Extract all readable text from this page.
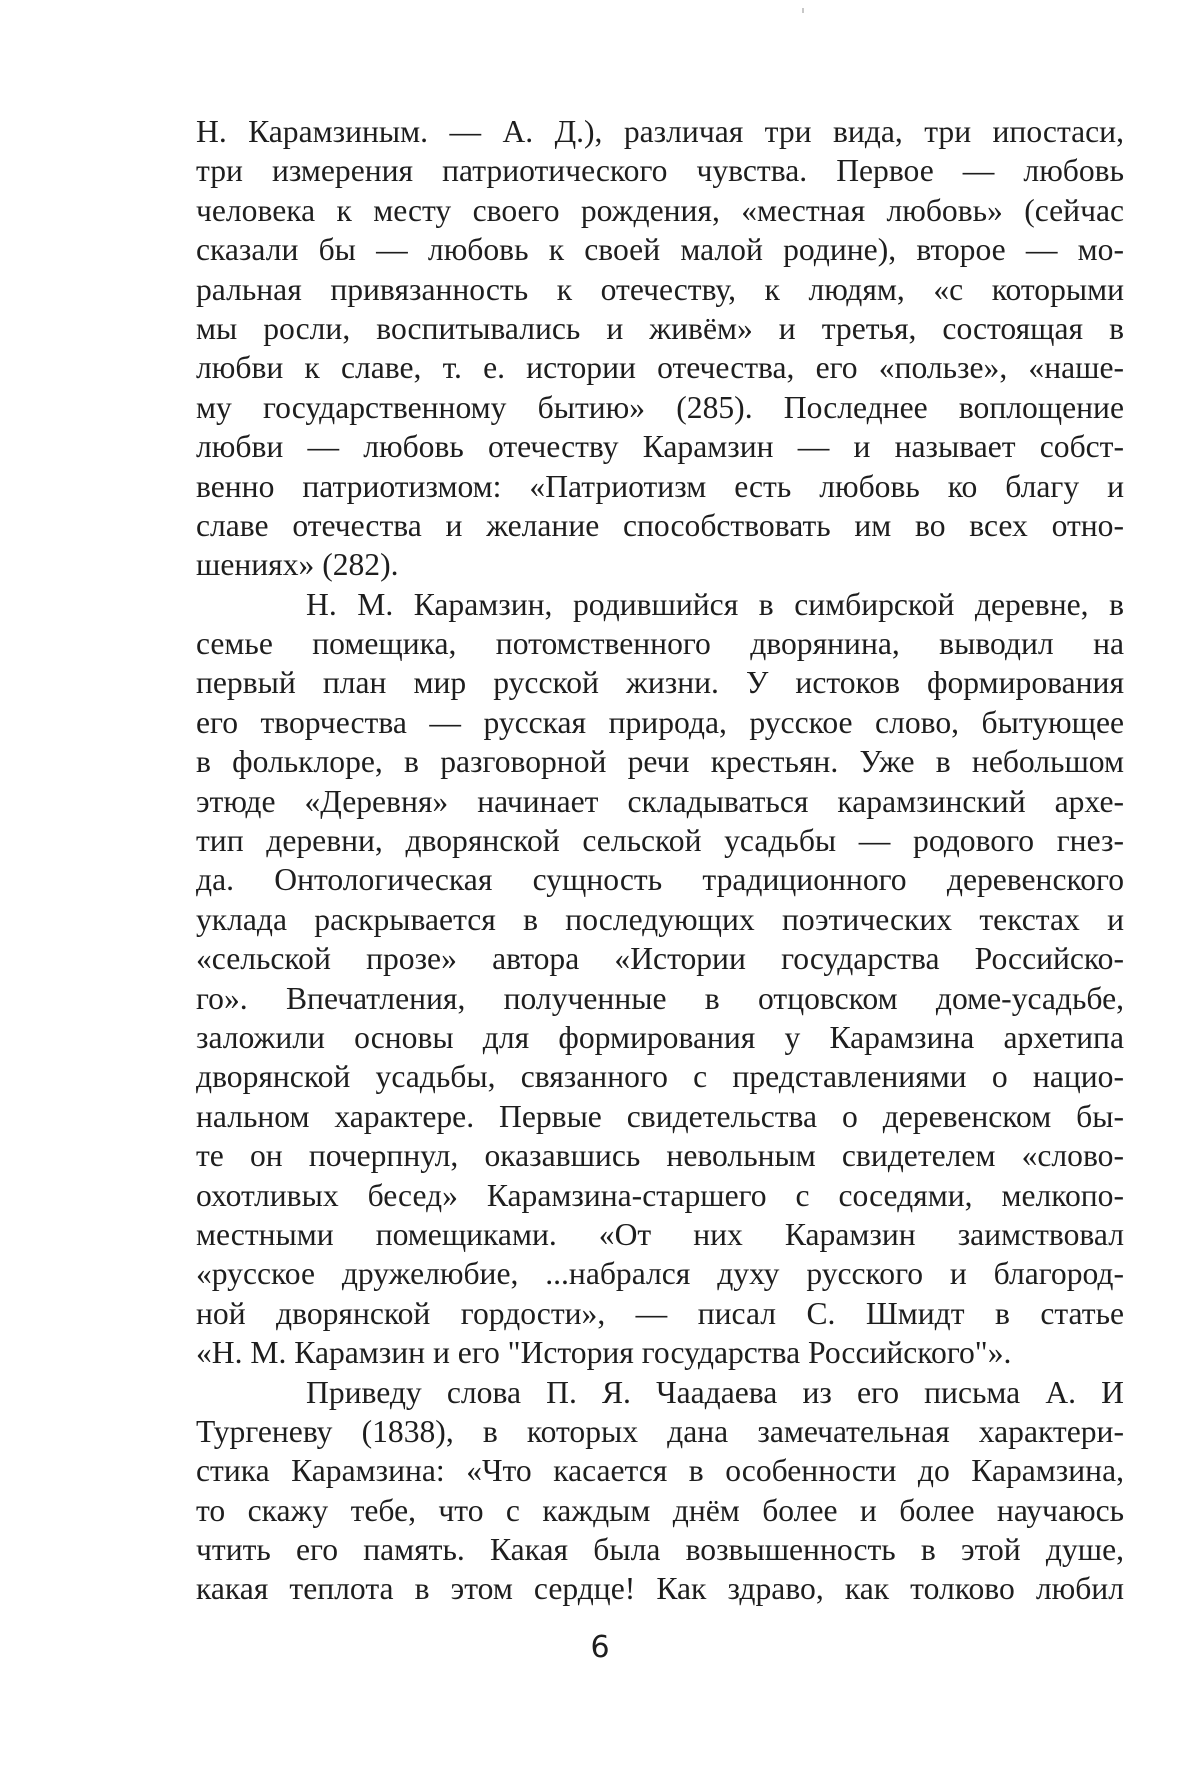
Н. Карамзиным. — А. Д.), различая три вида, три ипостаси,
три измерения патриотического чувства. Первое — любовь
человека к месту своего рождения, «местная любовь» (сейчас
сказали бы — любовь к своей малой родине), второе — мо-
ральная привязанность к отечеству, к людям, «с которыми
мы росли, воспитывались и живём» и третья, состоящая в
любви к славе, т. е. истории отечества, его «пользе», «наше-
му государственному бытию» (285). Последнее воплощение
любви — любовь отечеству Карамзин — и называет собст-
венно патриотизмом: «Патриотизм есть любовь ко благу и
славе отечества и желание способствовать им во всех отно-
шениях» (282).
Н. М. Карамзин, родившийся в симбирской деревне, в
семье помещика, потомственного дворянина, выводил на
первый план мир русской жизни. У истоков формирования
его творчества — русская природа, русское слово, бытующее
в фольклоре, в разговорной речи крестьян. Уже в небольшом
этюде «Деревня» начинает складываться карамзинский архе-
тип деревни, дворянской сельской усадьбы — родового гнез-
да. Онтологическая сущность традиционного деревенского
уклада раскрывается в последующих поэтических текстах и
«сельской прозе» автора «Истории государства Российско-
го». Впечатления, полученные в отцовском доме-усадьбе,
заложили основы для формирования у Карамзина архетипа
дворянской усадьбы, связанного с представлениями о нацио-
нальном характере. Первые свидетельства о деревенском бы-
те он почерпнул, оказавшись невольным свидетелем «слово-
охотливых бесед» Карамзина-старшего с соседями, мелкопо-
местными помещиками. «От них Карамзин заимствовал
«русское дружелюбие, ...набрался духу русского и благород-
ной дворянской гордости», — писал С. Шмидт в статье
«Н. М. Карамзин и его "История государства Российского"».
Приведу слова П. Я. Чаадаева из его письма А. И
Тургеневу (1838), в которых дана замечательная характери-
стика Карамзина: «Что касается в особенности до Карамзина,
то скажу тебе, что с каждым днём более и более научаюсь
чтить его память. Какая была возвышенность в этой душе,
какая теплота в этом сердце! Как здраво, как толково любил
6
